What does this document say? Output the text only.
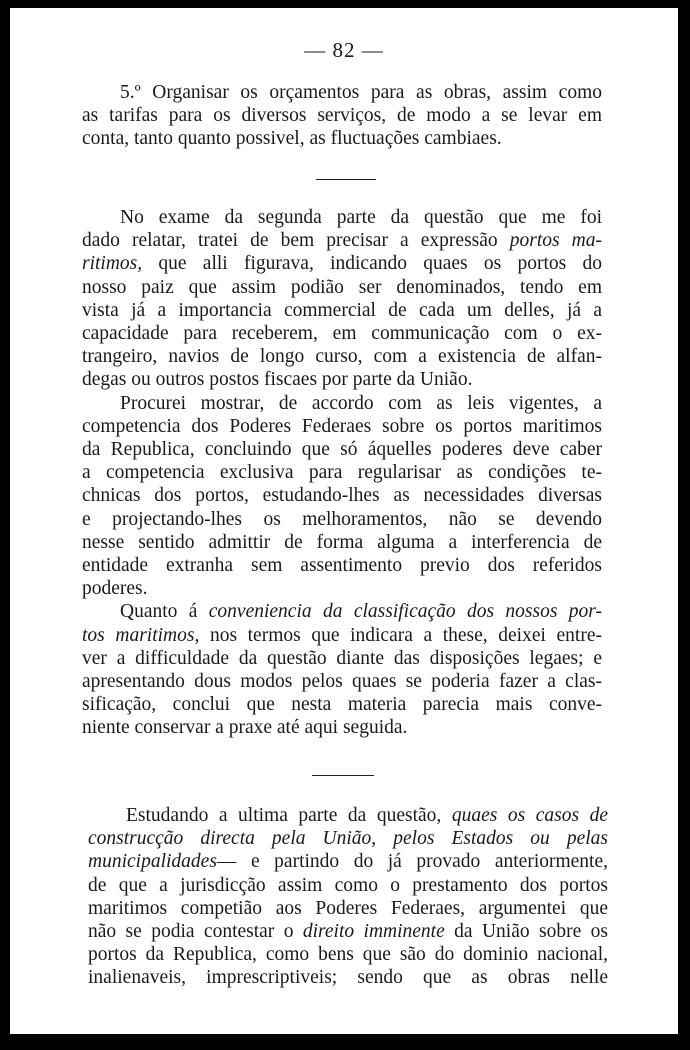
— 82 —

5.º Organisar os orçamentos para as obras, assim como

as tarifas para os diversos serviços, de modo a se levar em

conta, tanto quanto possivel, as fluctuações cambiaes.

No exame da segunda parte da questão que me foi

dado relatar, tratei de bem precisar a expressão portos ma-

ritimos, que alli figurava, indicando quaes os portos do

nosso paiz que assim podião ser denominados, tendo em

vista já a importancia commercial de cada um delles, já a

capacidade para receberem, em communicação com o ex-

trangeiro, navios de longo curso, com a existencia de alfan-

degas ou outros postos fiscaes por parte da União.

Procurei mostrar, de accordo com as leis vigentes, a

competencia dos Poderes Federaes sobre os portos maritimos

da Republica, concluindo que só áquelles poderes deve caber

a competencia exclusiva para regularisar as condições te-

chnicas dos portos, estudando-lhes as necessidades diversas

e projectando-lhes os melhoramentos, não se devendo

nesse sentido admittir de forma alguma a interferencia de

entidade extranha sem assentimento previo dos referidos

poderes.

Quanto á conveniencia da classificação dos nossos por-

tos maritimos, nos termos que indicara a these, deixei entre-

ver a difficuldade da questão diante das disposições legaes; e

apresentando dous modos pelos quaes se poderia fazer a clas-

sificação, conclui que nesta materia parecia mais conve-

niente conservar a praxe até aqui seguida.

Estudando a ultima parte da questão, quaes os casos de

construcção directa pela União, pelos Estados ou pelas

municipalidades— e partindo do já provado anteriormente,

de que a jurisdicção assim como o prestamento dos portos

maritimos competião aos Poderes Federaes, argumentei que

não se podia contestar o direito imminente da União sobre os

portos da Republica, como bens que são do dominio nacional,

inalienaveis, imprescriptiveis; sendo que as obras nelle
